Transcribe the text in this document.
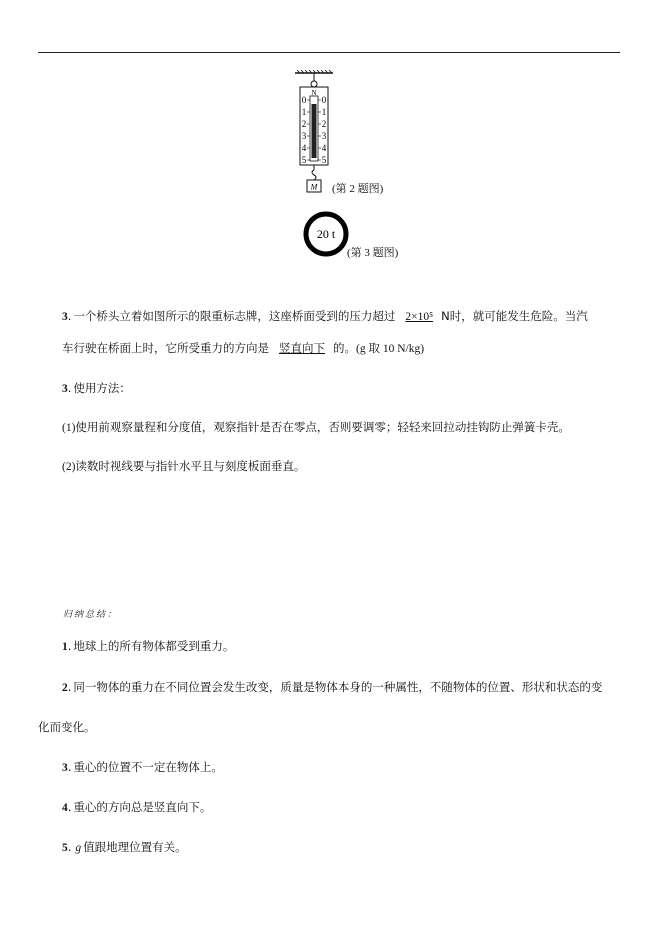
N
0
1
2
3
4
5
0
1
2
3
4
5
M (第 2 题图)
20 t
(第 3 题图)
3. 一个桥头立着如图所示的限重标志牌，这座桥面受到的压力超过 2×10⁵ N时，就可能发生危险。当汽
车行驶在桥面上时，它所受重力的方向是 竖直向下 的。(g 取 10 N/kg)
3. 使用方法：
(1)使用前观察量程和分度值，观察指针是否在零点，否则要调零；轻轻来回拉动挂钩防止弹簧卡壳。
(2)读数时视线要与指针水平且与刻度板面垂直。
归纳总结：
1. 地球上的所有物体都受到重力。
2. 同一物体的重力在不同位置会发生改变，质量是物体本身的一种属性，不随物体的位置、形状和状态的变
化而变化。
3. 重心的位置不一定在物体上。
4. 重心的方向总是竖直向下。
5. g 值跟地理位置有关。
